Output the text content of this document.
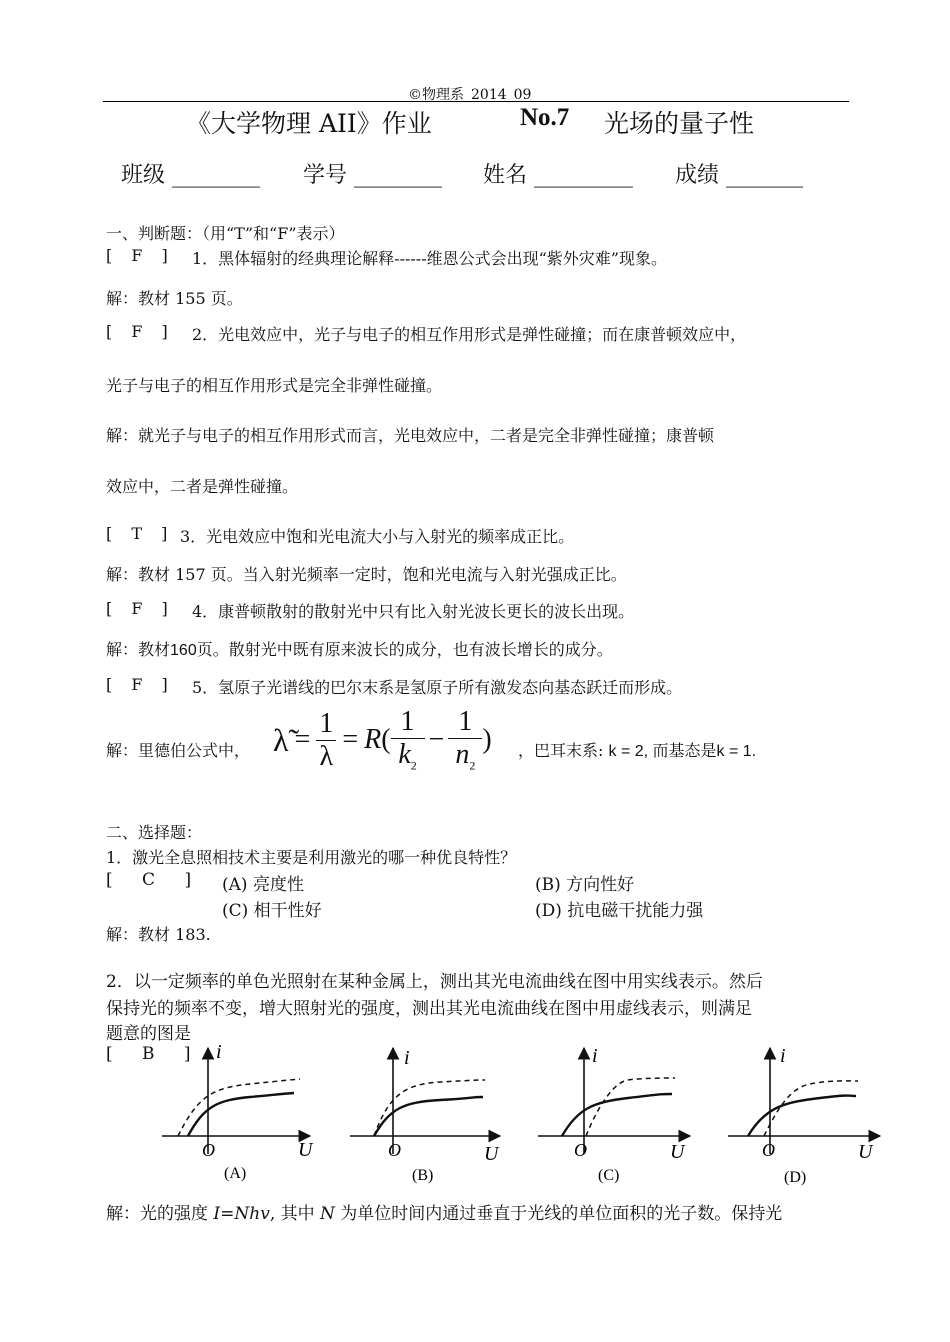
©物理系_2014_09
《大学物理 AII》作业	No.7 光场的量子性
班级 ________ 学号 ________ 姓名 _________ 成绩 _______
一、判断题：（用“T”和“F”表示）
[ F ] 1．黑体辐射的经典理论解释------维恩公式会出现“紫外灾难”现象。
解：教材 155 页。
[ F ] 2．光电效应中，光子与电子的相互作用形式是弹性碰撞；而在康普顿效应中，
光子与电子的相互作用形式是完全非弹性碰撞。
解：就光子与电子的相互作用形式而言，光电效应中，二者是完全非弹性碰撞；康普顿
效应中，二者是弹性碰撞。
[ T ] 3．光电效应中饱和光电流大小与入射光的频率成正比。
解：教材 157 页。当入射光频率一定时，饱和光电流与入射光强成正比。
[ F ] 4．康普顿散射的散射光中只有比入射光波长更长的波长出现。
解：教材160页。散射光中既有原来波长的成分，也有波长增长的成分。
[ F ] 5．氢原子光谱线的巴尔末系是氢原子所有激发态向基态跃迁而形成。
解：里德伯公式中， λ̃ = $\frac{1}{\lambda} = R$ ( $\frac{1}{k_2} - \frac{1}{n_2}$ ) ，巴耳末系: k = 2, 而基态是k = 1.
二、选择题：
1．激光全息照相技术主要是利用激光的哪一种优良特性？
[ C ] (A) 亮度性	(B) 方向性好
(C) 相干性好	(D) 抗电磁干扰能力强
解：教材 183.
2．以一定频率的单色光照射在某种金属上，测出其光电流曲线在图中用实线表示。然后
保持光的频率不变，增大照射光的强度，测出其光电流曲线在图中用虚线表示，则满足
题意的图是
[ B ] i
O	U
(A)
i
O	U
(B)
i
O	U
(C)
i
O	U
(D)
解：光的强度 I=Nhv, 其中 N 为单位时间内通过垂直于光线的单位面积的光子数。保持光
